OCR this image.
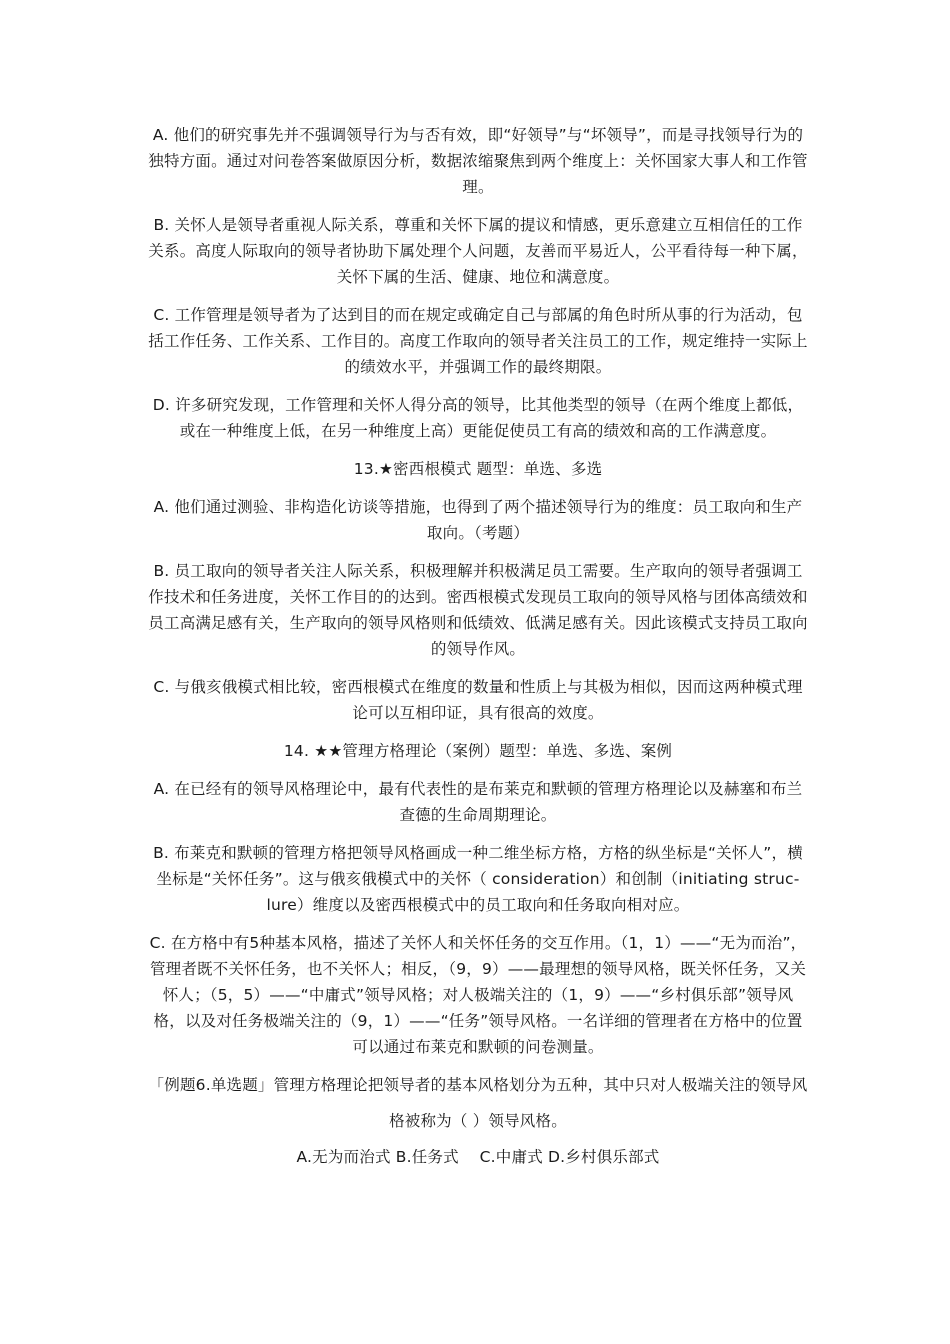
A. 他们的研究事先并不强调领导行为与否有效，即“好领导”与“坏领导”，而是寻找领导行为的独特方面。通过对问卷答案做原因分析，数据浓缩聚焦到两个维度上：关怀国家大事人和工作管理。

B. 关怀人是领导者重视人际关系，尊重和关怀下属的提议和情感，更乐意建立互相信任的工作关系。高度人际取向的领导者协助下属处理个人问题，友善而平易近人，公平看待每一种下属，关怀下属的生活、健康、地位和满意度。

C. 工作管理是领导者为了达到目的而在规定或确定自己与部属的角色时所从事的行为活动，包括工作任务、工作关系、工作目的。高度工作取向的领导者关注员工的工作，规定维持一实际上的绩效水平，并强调工作的最终期限。

D. 许多研究发现，工作管理和关怀人得分高的领导，比其他类型的领导（在两个维度上都低，或在一种维度上低，在另一种维度上高）更能促使员工有高的绩效和高的工作满意度。

13.★密西根模式 题型：单选、多选

A. 他们通过测验、非构造化访谈等措施，也得到了两个描述领导行为的维度：员工取向和生产取向。（考题）

B. 员工取向的领导者关注人际关系，积极理解并积极满足员工需要。生产取向的领导者强调工作技术和任务进度，关怀工作目的的达到。密西根模式发现员工取向的领导风格与团体高绩效和员工高满足感有关，生产取向的领导风格则和低绩效、低满足感有关。因此该模式支持员工取向的领导作风。

C. 与俄亥俄模式相比较，密西根模式在维度的数量和性质上与其极为相似，因而这两种模式理论可以互相印证，具有很高的效度。

14. ★★管理方格理论（案例）题型：单选、多选、案例

A. 在已经有的领导风格理论中，最有代表性的是布莱克和默顿的管理方格理论以及赫塞和布兰查德的生命周期理论。

B. 布莱克和默顿的管理方格把领导风格画成一种二维坐标方格，方格的纵坐标是“关怀人”，横坐标是“关怀任务”。这与俄亥俄模式中的关怀（ consideration）和创制（initiating struc-lure）维度以及密西根模式中的员工取向和任务取向相对应。

C. 在方格中有5种基本风格，描述了关怀人和关怀任务的交互作用。（1，1）——“无为而治”，管理者既不关怀任务，也不关怀人；相反，（9，9）——最理想的领导风格，既关怀任务，又关怀人；（5，5）——“中庸式”领导风格；对人极端关注的（1，9）——“乡村俱乐部”领导风格，以及对任务极端关注的（9，1）——“任务”领导风格。一名详细的管理者在方格中的位置可以通过布莱克和默顿的问卷测量。

「例题6.单选题」管理方格理论把领导者的基本风格划分为五种，其中只对人极端关注的领导风

格被称为（ ）领导风格。

A.无为而治式 B.任务式　 C.中庸式 D.乡村俱乐部式
